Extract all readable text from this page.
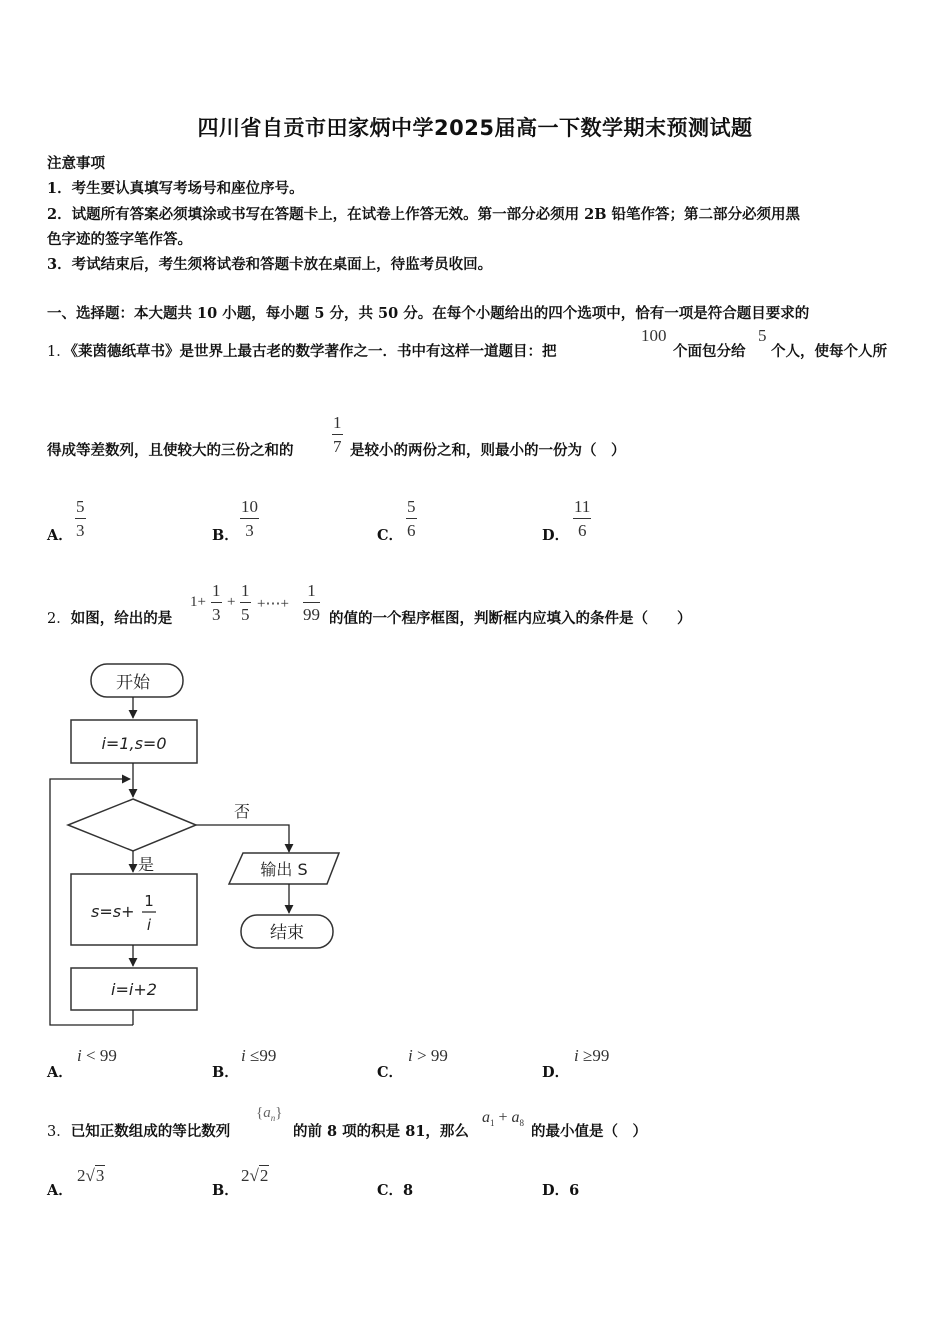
四川省自贡市田家炳中学2025届高一下数学期末预测试题
注意事项
1．考生要认真填写考场号和座位序号。
2．试题所有答案必须填涂或书写在答题卡上，在试卷上作答无效。第一部分必须用 2B 铅笔作答；第二部分必须用黑
色字迹的签字笔作答。
3．考试结束后，考生须将试卷和答题卡放在桌面上，待监考员收回。
一、选择题：本大题共 10 小题，每小题 5 分，共 50 分。在每个小题给出的四个选项中，恰有一项是符合题目要求的
1．《莱茵德纸草书》是世界上最古老的数学著作之一．书中有这样一道题目：把
100
个面包分给
5
个人，使每个人所
得成等差数列，且使较大的三份之和的
1
7 是较小的两份之和，则最小的一份为（　）
A．
5
3	B．
10
3	C．
5
6	D．
11
6
2．如图，给出的是
1+
1
3
+
1
5
+⋯+
1
99 的值的一个程序框图，判断框内应填入的条件是（　　）
开始
i=1,s=0
否
是	输出 S
结束
s=s+
1
i
i=i+2
A．
i < 99
B．
i ≤99
C．
i > 99
D．
i ≥99
3．已知正数组成的等比数列
$\{a_n\}$
的前 8 项的积是 81，那么
$a_1 + a_8$ 的最小值是（　）
A．
2√3
B．
2√2
C．8	D．6
